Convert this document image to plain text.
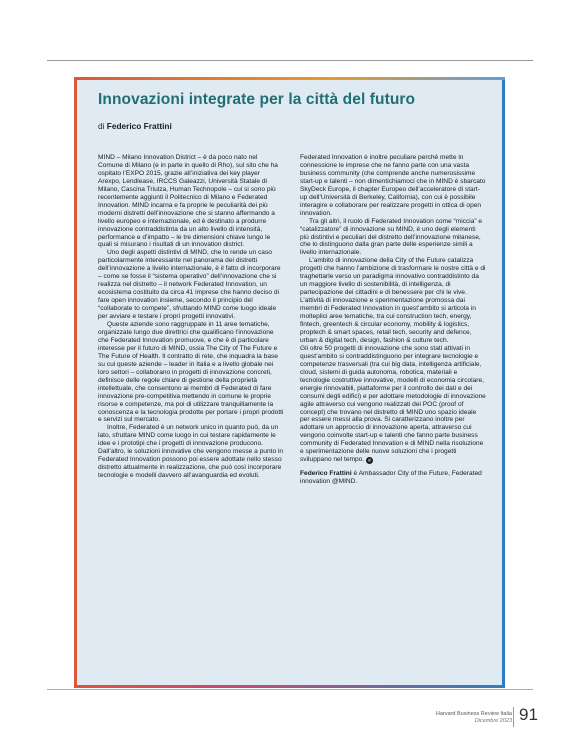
Innovazioni integrate per la città del futuro
di Federico Frattini

MIND – Milano Innovation District – è da poco nato nel Comune di Milano (e in parte in quello di Rho), sul sito che ha ospitato l’EXPO 2015, grazie all’iniziativa dei key player Arexpo, Lendlease, IRCCS Galeazzi, Università Statale di Milano, Cascina Triulza, Human Technopole – cui si sono più recentemente aggiunti il Politecnico di Milano e Federated Innovation. MIND incarna e fa proprie le peculiarità dei più moderni distretti dell’innovazione che si stanno affermando a livello europeo e internazionale, ed è destinato a produrre innovazione contraddistinta da un alto livello di intensità, performance e d’impatto – le tre dimensioni chiave lungo le quali si misurano i risultati di un innovation district.

Uno degli aspetti distintivi di MIND, che lo rende un caso particolarmente interessante nel panorama dei distretti dell’innovazione a livello internazionale, è il fatto di incorporare – come se fosse il “sistema operativo” dell’innovazione che si realizza nel distretto – il network Federated Innovation, un ecosistema costituito da circa 41 imprese che hanno deciso di fare open innovation insieme, secondo il principio del “collaborate to compete”, sfruttando MIND come luogo ideale per avviare e testare i propri progetti innovativi.

Queste aziende sono raggruppate in 11 aree tematiche, organizzate lungo due direttrici che qualificano l’innovazione che Federated Innovation promuove, e che è di particolare interesse per il futuro di MIND, ossia The City of The Future e The Future of Health. Il contratto di rete, che inquadra la base su cui queste aziende – leader in Italia e a livello globale nei loro settori – collaborano in progetti di innovazione concreti, definisce delle regole chiare di gestione della proprietà intellettuale, che consentono ai membri di Federated di fare innovazione pre-competitiva mettendo in comune le proprie risorse e competenze, ma poi di utilizzare tranquillamente la conoscenza e la tecnologia prodotte per portare i propri prodotti e servizi sul mercato.

Inoltre, Federated è un network unico in quanto può, da un lato, sfruttare MIND come luogo in cui testare rapidamente le idee e i prototipi che i progetti di innovazione producono. Dall’altro, le soluzioni innovative che vengono messe a punto in Federated Innovation possono poi essere adottate nello stesso distretto attualmente in realizzazione, che può così incorporare tecnologie e modelli davvero all’avanguardia ed evoluti.

Federated Innovation è inoltre peculiare perché mette in connessione le imprese che ne fanno parte con una vasta business community (che comprende anche numerosissime start-up e talenti – non dimentichiamoci che in MIND è sbarcato SkyDeck Europe, il chapter Europeo dell’acceleratore di start-up dell’Università di Berkeley, California), con cui è possibile interagire e collaborare per realizzare progetti in ottica di open innovation.

Tra gli altri, il ruolo di Federated Innovation come “miccia” e “catalizzatore” di innovazione su MIND, è uno degli elementi più distintivi e peculiari del distretto dell’innovazione milanese, che lo distinguono dalla gran parte delle esperienze simili a livello internazionale.

L’ambito di innovazione della City of the Future catalizza progetti che hanno l’ambizione di trasformare le nostre città e di traghettarle verso un paradigma innovativo contraddistinto da un maggiore livello di sostenibilità, di intelligenza, di partecipazione dei cittadini e di benessere per chi le vive. L’attività di innovazione e sperimentazione promossa dai membri di Federated Innovation in quest’ambito si articola in molteplici aree tematiche, tra cui construction tech, energy, fintech, greentech & circular economy, mobility & logistics, proptech & smart spaces, retail tech, security and defence, urban & digital tech, design, fashion & culture tech.

Gli oltre 50 progetti di innovazione che sono stati attivati in quest’ambito si contraddistinguono per integrare tecnologie e competenze trasversali (tra cui big data, intelligenza artificiale, cloud, sistemi di guida autonoma, robotica, materiali e tecnologie costruttive innovative, modelli di economia circolare, energie rinnovabili, piattaforme per il controllo dei dati e dei consumi degli edifici) e per adottare metodologie di innovazione agile attraverso cui vengono realizzati dei POC (proof of concept) che trovano nel distretto di MIND uno spazio ideale per essere messi alla prova. Si caratterizzano inoltre per adottare un approccio di innovazione aperta, attraverso cui vengono coinvolte start-up e talenti che fanno parte business community di Federated Innovation e di MIND nella risoluzione e sperimentazione delle nuove soluzioni che i progetti sviluppano nel tempo. ®

Federico Frattini è Ambassador City of the Future, Federated innovation @MIND.

Harvard Business Review Italia
Dicembre 2023 91
